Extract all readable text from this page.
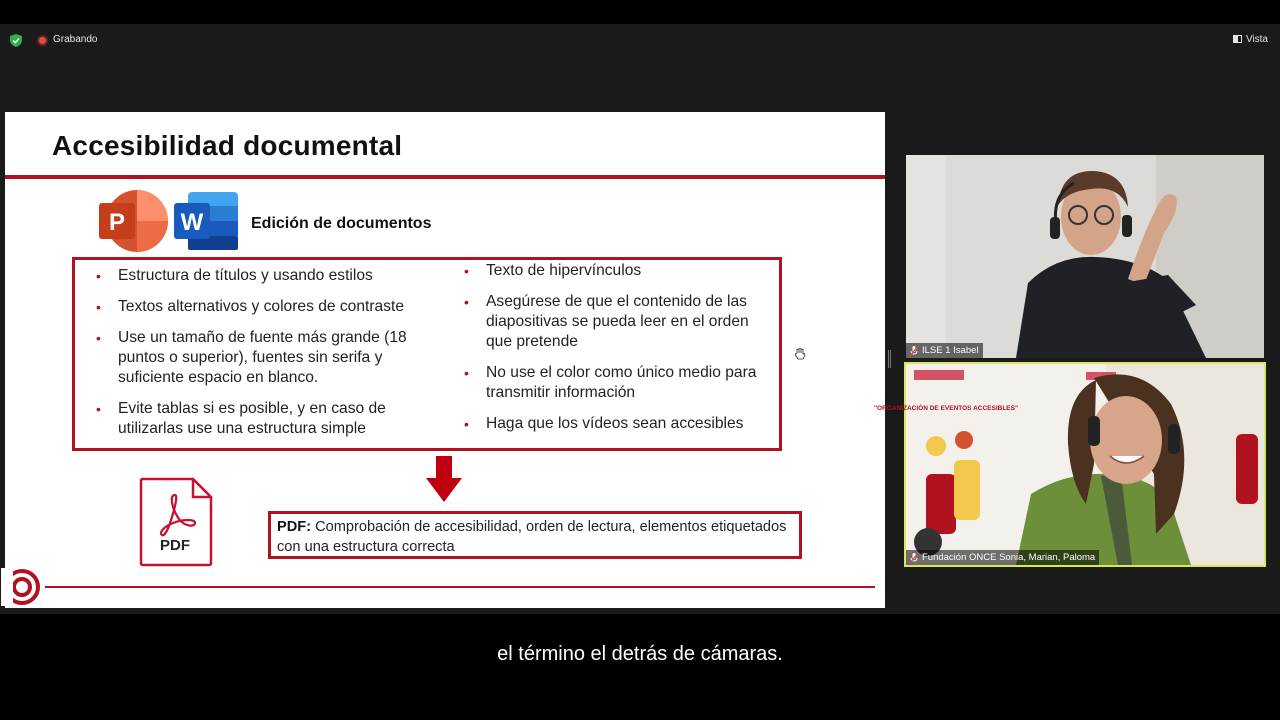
Grabando	Vista
Accesibilidad documental
P W	Edición de documentos
• Estructura de títulos y usando estilos
• Textos alternativos y colores de contraste
• Use un tamaño de fuente más grande (18 puntos o superior), fuentes sin serifa y suficiente espacio en blanco.
• Evite tablas si es posible, y en caso de utilizarlas use una estructura simple
• Texto de hipervínculos
• Asegúrese de que el contenido de las diapositivas se pueda leer en el orden que pretende
• No use el color como único medio para transmitir información
• Haga que los vídeos sean accesibles
PDF
PDF: Comprobación de accesibilidad, orden de lectura, elementos etiquetados con una estructura correcta
ILSE 1 Isabel
"ORGANIZACIÓN DE EVENTOS ACCESIBLES"
Fundación ONCE Sonia, Marian, Paloma
el término el detrás de cámaras.
